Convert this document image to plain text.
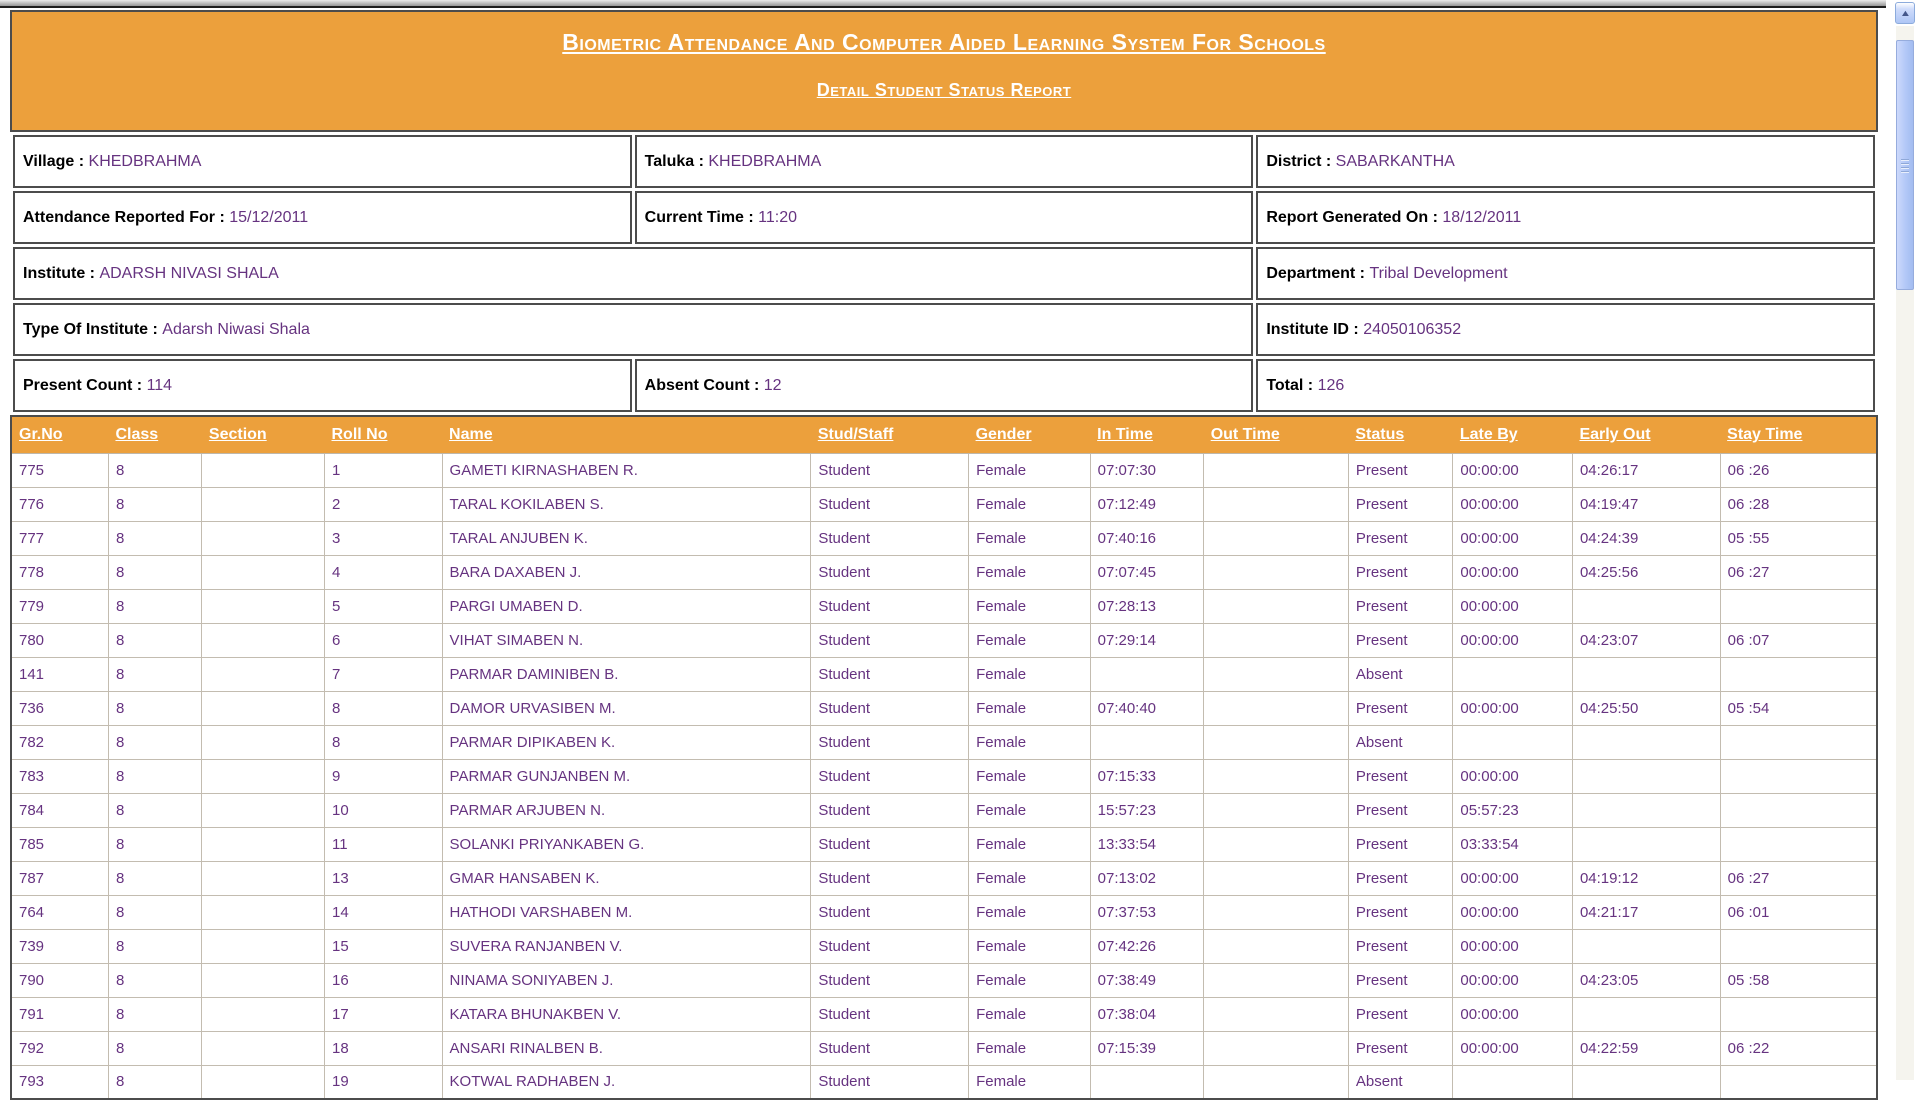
Biometric Attendance And Computer Aided Learning System For Schools
Detail Student Status Report
Village : KHEDBRAHMA	Taluka : KHEDBRAHMA	District : SABARKANTHA
Attendance Reported For : 15/12/2011	Current Time : 11:20	Report Generated On : 18/12/2011
Institute : ADARSH NIVASI SHALA		Department : Tribal Development
Type Of Institute : Adarsh Niwasi Shala		Institute ID : 24050106352
Present Count : 114	Absent Count : 12	Total : 126
Gr.No	Class	Section	Roll No	Name	Stud/Staff	Gender	In Time	Out Time	Status	Late By	Early Out	Stay Time
775	8		1	GAMETI KIRNASHABEN R.	Student	Female	07:07:30		Present	00:00:00	04:26:17	06 :26
776	8		2	TARAL KOKILABEN S.	Student	Female	07:12:49		Present	00:00:00	04:19:47	06 :28
777	8		3	TARAL ANJUBEN K.	Student	Female	07:40:16		Present	00:00:00	04:24:39	05 :55
778	8		4	BARA DAXABEN J.	Student	Female	07:07:45		Present	00:00:00	04:25:56	06 :27
779	8		5	PARGI UMABEN D.	Student	Female	07:28:13		Present	00:00:00		
780	8		6	VIHAT SIMABEN N.	Student	Female	07:29:14		Present	00:00:00	04:23:07	06 :07
141	8		7	PARMAR DAMINIBEN B.	Student	Female			Absent			
736	8		8	DAMOR URVASIBEN M.	Student	Female	07:40:40		Present	00:00:00	04:25:50	05 :54
782	8		8	PARMAR DIPIKABEN K.	Student	Female			Absent			
783	8		9	PARMAR GUNJANBEN M.	Student	Female	07:15:33		Present	00:00:00		
784	8		10	PARMAR ARJUBEN N.	Student	Female	15:57:23		Present	05:57:23		
785	8		11	SOLANKI PRIYANKABEN G.	Student	Female	13:33:54		Present	03:33:54		
787	8		13	GMAR HANSABEN K.	Student	Female	07:13:02		Present	00:00:00	04:19:12	06 :27
764	8		14	HATHODI VARSHABEN M.	Student	Female	07:37:53		Present	00:00:00	04:21:17	06 :01
739	8		15	SUVERA RANJANBEN V.	Student	Female	07:42:26		Present	00:00:00		
790	8		16	NINAMA SONIYABEN J.	Student	Female	07:38:49		Present	00:00:00	04:23:05	05 :58
791	8		17	KATARA BHUNAKBEN V.	Student	Female	07:38:04		Present	00:00:00		
792	8		18	ANSARI RINALBEN B.	Student	Female	07:15:39		Present	00:00:00	04:22:59	06 :22
793	8		19	KOTWAL RADHABEN J.	Student	Female			Absent			
▲
